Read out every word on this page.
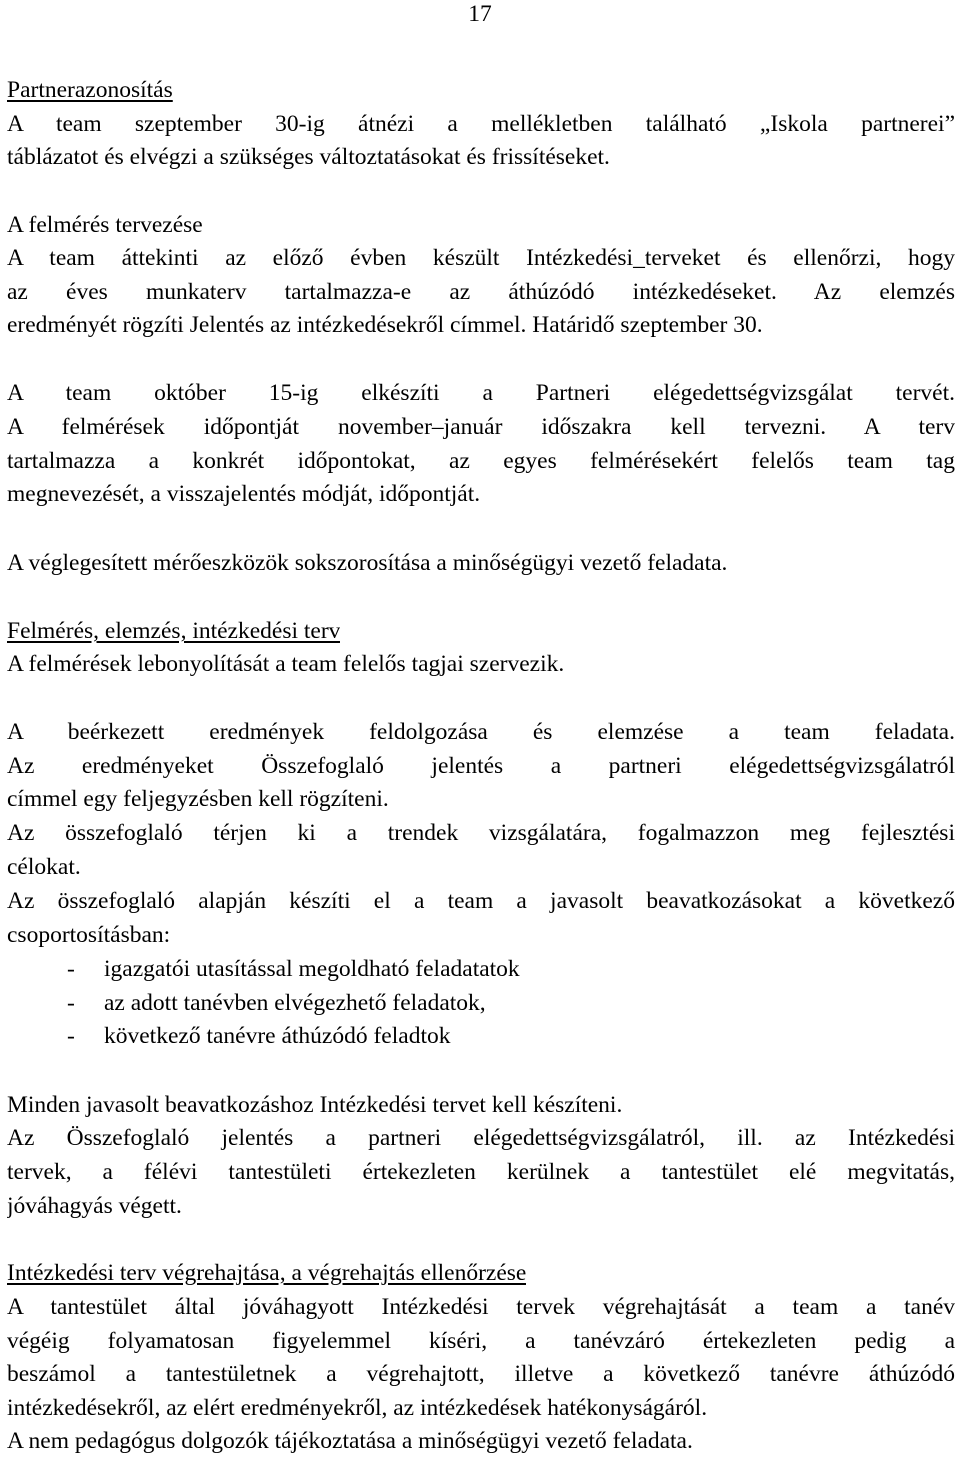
17
Partnerazonosítás
A team szeptember 30-ig átnézi a mellékletben található „Iskola partnerei”
táblázatot és elvégzi a szükséges változtatásokat és frissítéseket.
A felmérés tervezése
A team áttekinti az előző évben készült Intézkedési_terveket és ellenőrzi, hogy
az éves munkaterv tartalmazza-e az áthúzódó intézkedéseket. Az elemzés
eredményét rögzíti Jelentés az intézkedésekről címmel. Határidő szeptember 30.
A team október 15-ig elkészíti a Partneri elégedettségvizsgálat tervét.
A felmérések időpontját november–január időszakra kell tervezni. A terv
tartalmazza a konkrét időpontokat, az egyes felmérésekért felelős team tag
megnevezését, a visszajelentés módját, időpontját.
A véglegesített mérőeszközök sokszorosítása a minőségügyi vezető feladata.
Felmérés, elemzés, intézkedési terv
A felmérések lebonyolítását a team felelős tagjai szervezik.
A beérkezett eredmények feldolgozása és elemzése a team feladata.
Az eredményeket Összefoglaló jelentés a partneri elégedettségvizsgálatról
címmel egy feljegyzésben kell rögzíteni.
Az összefoglaló térjen ki a trendek vizsgálatára, fogalmazzon meg fejlesztési
célokat.
Az összefoglaló alapján készíti el a team a javasolt beavatkozásokat a következő
csoportosításban:
- igazgatói utasítással megoldható feladatatok
- az adott tanévben elvégezhető feladatok,
- következő tanévre áthúzódó feladtok
Minden javasolt beavatkozáshoz Intézkedési tervet kell készíteni.
Az Összefoglaló jelentés a partneri elégedettségvizsgálatról, ill. az Intézkedési
tervek, a félévi tantestületi értekezleten kerülnek a tantestület elé megvitatás,
jóváhagyás végett.
Intézkedési terv végrehajtása, a végrehajtás ellenőrzése
A tantestület által jóváhagyott Intézkedési tervek végrehajtását a team a tanév
végéig folyamatosan figyelemmel kíséri, a tanévzáró értekezleten pedig a
beszámol a tantestületnek a végrehajtott, illetve a következő tanévre áthúzódó
intézkedésekről, az elért eredményekről, az intézkedések hatékonyságáról.
A nem pedagógus dolgozók tájékoztatása a minőségügyi vezető feladata.
